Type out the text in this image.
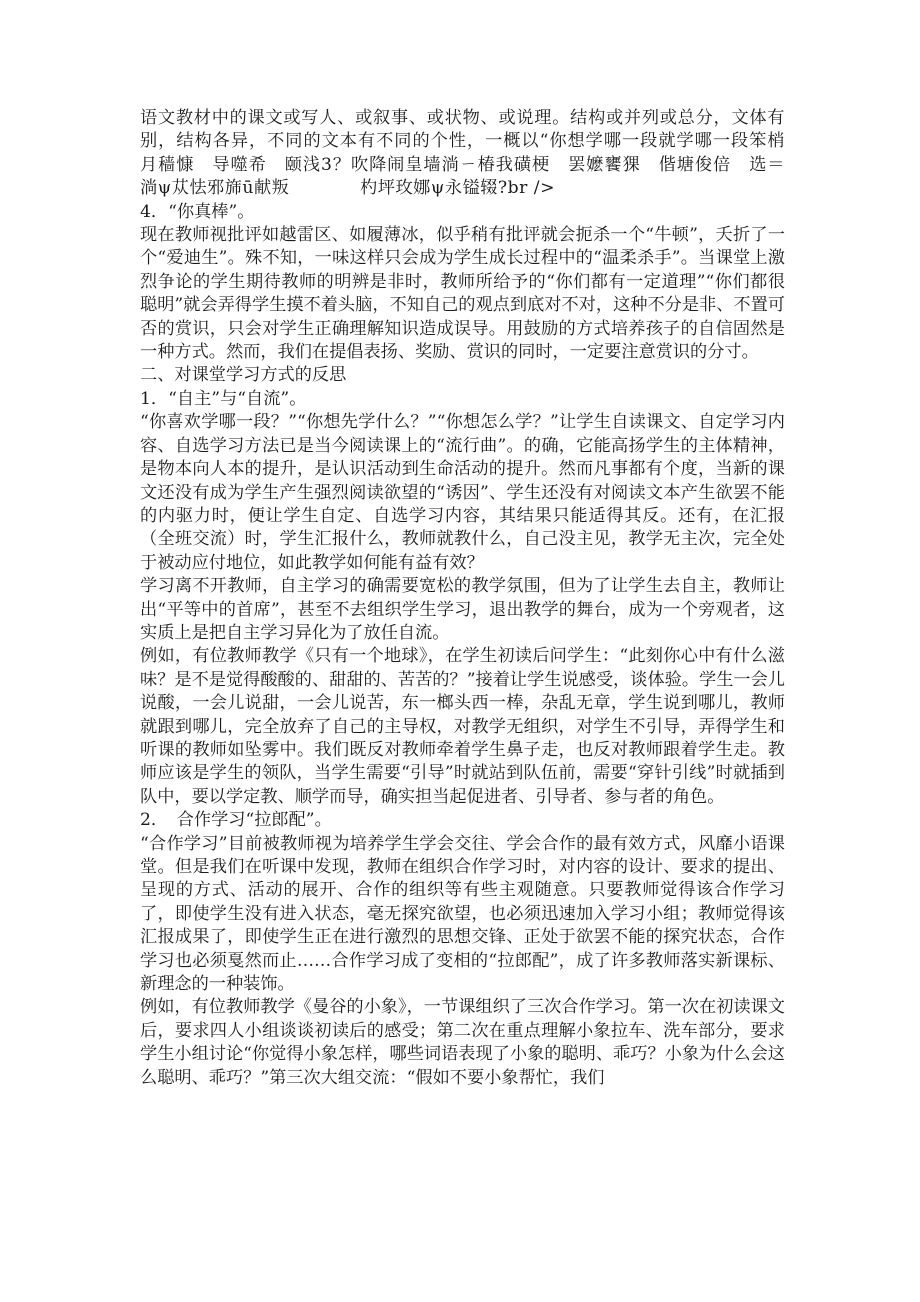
语文教材中的课文或写人、或叙事、或状物、或说理。结构或并列或总分，文体有别，结构各异，不同的文本有不同的个性，一概以“你想学哪一段就学哪一段笨梢月穑慷　导噬希　颐浅3？吹降闹皇墙淌ㄧ椿我磺梗　罢嬷饔猓　偕塘俊倍　选＝淌ψ苁怯邪旆ū献叛　　　　杓坪玫娜ψ永镒辍?br />

4．“你真棒”。

现在教师视批评如越雷区、如履薄冰，似乎稍有批评就会扼杀一个“牛顿”，夭折了一个“爱迪生”。殊不知，一味这样只会成为学生成长过程中的“温柔杀手”。当课堂上激烈争论的学生期待教师的明辨是非时，教师所给予的“你们都有一定道理”“你们都很聪明”就会弄得学生摸不着头脑，不知自己的观点到底对不对，这种不分是非、不置可否的赏识，只会对学生正确理解知识造成误导。用鼓励的方式培养孩子的自信固然是一种方式。然而，我们在提倡表扬、奖励、赏识的同时，一定要注意赏识的分寸。

二、对课堂学习方式的反思

1．“自主”与“自流”。

“你喜欢学哪一段？”“你想先学什么？”“你想怎么学？”让学生自读课文、自定学习内容、自选学习方法已是当今阅读课上的“流行曲”。的确，它能高扬学生的主体精神，是物本向人本的提升，是认识活动到生命活动的提升。然而凡事都有个度，当新的课文还没有成为学生产生强烈阅读欲望的“诱因”、学生还没有对阅读文本产生欲罢不能的内驱力时，便让学生自定、自选学习内容，其结果只能适得其反。还有，在汇报（全班交流）时，学生汇报什么，教师就教什么，自己没主见，教学无主次，完全处于被动应付地位，如此教学如何能有益有效？

学习离不开教师，自主学习的确需要宽松的教学氛围，但为了让学生去自主，教师让出“平等中的首席”，甚至不去组织学生学习，退出教学的舞台，成为一个旁观者，这实质上是把自主学习异化为了放任自流。

例如，有位教师教学《只有一个地球》，在学生初读后问学生：“此刻你心中有什么滋味？是不是觉得酸酸的、甜甜的、苦苦的？”接着让学生说感受，谈体验。学生一会儿说酸，一会儿说甜，一会儿说苦，东一榔头西一棒，杂乱无章，学生说到哪儿，教师就跟到哪儿，完全放弃了自己的主导权，对教学无组织，对学生不引导，弄得学生和听课的教师如坠雾中。我们既反对教师牵着学生鼻子走，也反对教师跟着学生走。教师应该是学生的领队，当学生需要“引导”时就站到队伍前，需要“穿针引线”时就插到队中，要以学定教、顺学而导，确实担当起促进者、引导者、参与者的角色。

2．　合作学习“拉郎配”。

“合作学习”目前被教师视为培养学生学会交往、学会合作的最有效方式，风靡小语课堂。但是我们在听课中发现，教师在组织合作学习时，对内容的设计、要求的提出、呈现的方式、活动的展开、合作的组织等有些主观随意。只要教师觉得该合作学习了，即使学生没有进入状态，毫无探究欲望，也必须迅速加入学习小组；教师觉得该汇报成果了，即使学生正在进行激烈的思想交锋、正处于欲罢不能的探究状态，合作学习也必须戛然而止……合作学习成了变相的“拉郎配”，成了许多教师落实新课标、新理念的一种装饰。

例如，有位教师教学《曼谷的小象》，一节课组织了三次合作学习。第一次在初读课文后，要求四人小组谈谈初读后的感受；第二次在重点理解小象拉车、洗车部分，要求学生小组讨论“你觉得小象怎样，哪些词语表现了小象的聪明、乖巧？小象为什么会这么聪明、乖巧？”第三次大组交流：“假如不要小象帮忙，我们
